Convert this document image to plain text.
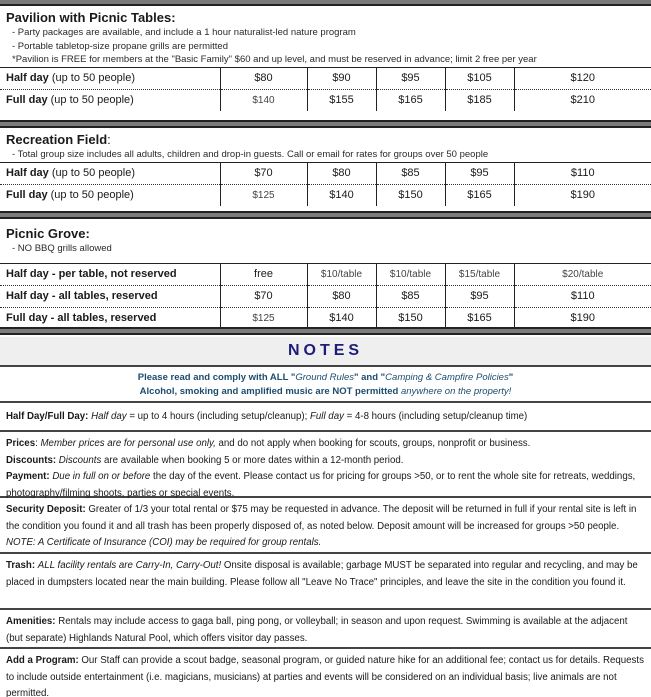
Pavilion with Picnic Tables:
- Party packages are available, and include a 1 hour naturalist-led nature program
- Portable tabletop-size propane grills are permitted
*Pavilion is FREE for members at the "Basic Family" $60 and up level, and must be reserved in advance; limit 2 free per year
Half day (up to 50 people)	$80	$90	$95	$105	$120
Full day (up to 50 people)	$140	$155	$165	$185	$210
Recreation Field:
- Total group size includes all adults, children and drop-in guests. Call or email for rates for groups over 50 people
Half day (up to 50 people)	$70	$80	$85	$95	$110
Full day (up to 50 people)	$125	$140	$150	$165	$190
Picnic Grove:
- NO BBQ grills allowed
Half day - per table, not reserved	free	$10/table	$10/table	$15/table	$20/table
Half day - all tables, reserved	$70	$80	$85	$95	$110
Full day - all tables, reserved	$125	$140	$150	$165	$190
NOTES
Please read and comply with ALL "Ground Rules" and "Camping & Campfire Policies"
Alcohol, smoking and amplified music are NOT permitted anywhere on the property!
Half Day/Full Day: Half day = up to 4 hours (including setup/cleanup); Full day = 4-8 hours (including setup/cleanup time)
Prices: Member prices are for personal use only, and do not apply when booking for scouts, groups, nonprofit or business.
Discounts: Discounts are available when booking 5 or more dates within a 12-month period.
Payment: Due in full on or before the day of the event. Please contact us for pricing for groups >50, or to rent the whole site for retreats, weddings, photography/filming shoots, parties or special events.
Security Deposit: Greater of 1/3 your total rental or $75 may be requested in advance. The deposit will be returned in full if your rental site is left in the condition you found it and all trash has been properly disposed of, as noted below. Deposit amount will be increased for groups >50 people. NOTE: A Certificate of Insurance (COI) may be required for group rentals.
Trash: ALL facility rentals are Carry-In, Carry-Out! Onsite disposal is available; garbage MUST be separated into regular and recycling, and may be placed in dumpsters located near the main building. Please follow all "Leave No Trace" principles, and leave the site in the condition you found it.
Amenities: Rentals may include access to gaga ball, ping pong, or volleyball; in season and upon request. Swimming is available at the adjacent (but separate) Highlands Natural Pool, which offers visitor day passes.
Add a Program: Our Staff can provide a scout badge, seasonal program, or guided nature hike for an additional fee; contact us for details. Requests to include outside entertainment (i.e. magicians, musicians) at parties and events will be considered on an individual basis; live animals are not permitted.
